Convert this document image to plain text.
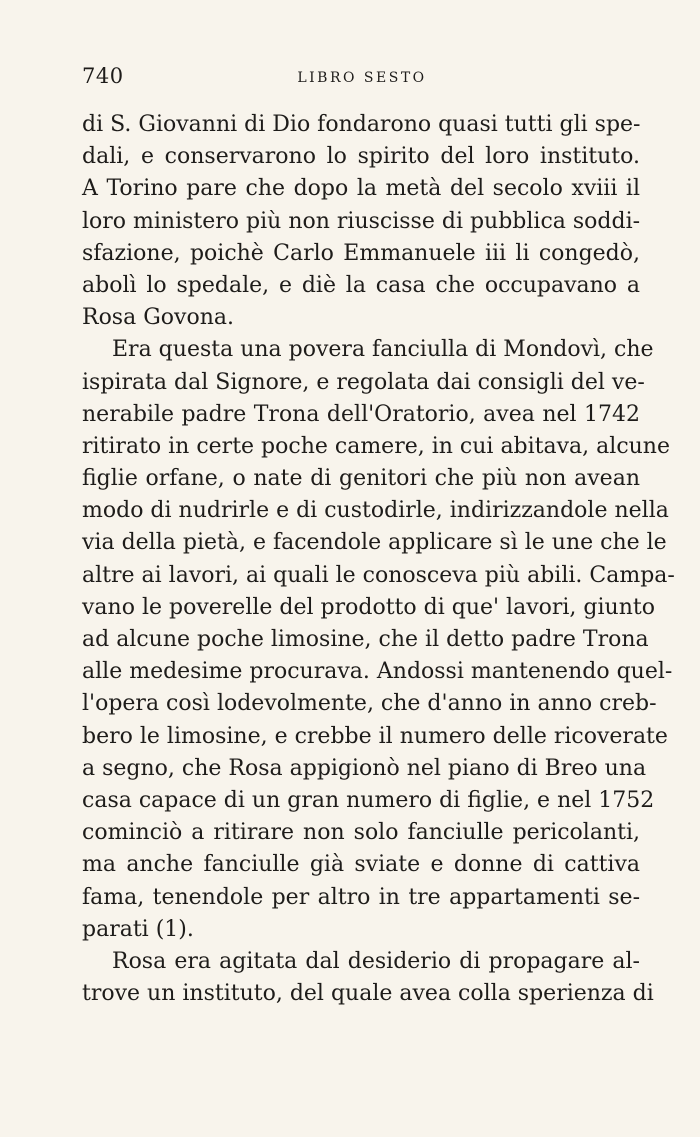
740	LIBRO SESTO
di S. Giovanni di Dio fondarono quasi tutti gli spe-
dali, e conservarono lo spirito del loro instituto.
A Torino pare che dopo la metà del secolo xviii il
loro ministero più non riuscisse di pubblica soddi-
sfazione, poichè Carlo Emmanuele iii li congedò,
abolì lo spedale, e diè la casa che occupavano a
Rosa Govona.
Era questa una povera fanciulla di Mondovì, che
ispirata dal Signore, e regolata dai consigli del ve-
nerabile padre Trona dell'Oratorio, avea nel 1742
ritirato in certe poche camere, in cui abitava, alcune
figlie orfane, o nate di genitori che più non avean
modo di nudrirle e di custodirle, indirizzandole nella
via della pietà, e facendole applicare sì le une che le
altre ai lavori, ai quali le conosceva più abili. Campa-
vano le poverelle del prodotto di que' lavori, giunto
ad alcune poche limosine, che il detto padre Trona
alle medesime procurava. Andossi mantenendo quel-
l'opera così lodevolmente, che d'anno in anno creb-
bero le limosine, e crebbe il numero delle ricoverate
a segno, che Rosa appigionò nel piano di Breo una
casa capace di un gran numero di figlie, e nel 1752
cominciò a ritirare non solo fanciulle pericolanti,
ma anche fanciulle già sviate e donne di cattiva
fama, tenendole per altro in tre appartamenti se-
parati (1).
Rosa era agitata dal desiderio di propagare al-
trove un instituto, del quale avea colla sperienza di
